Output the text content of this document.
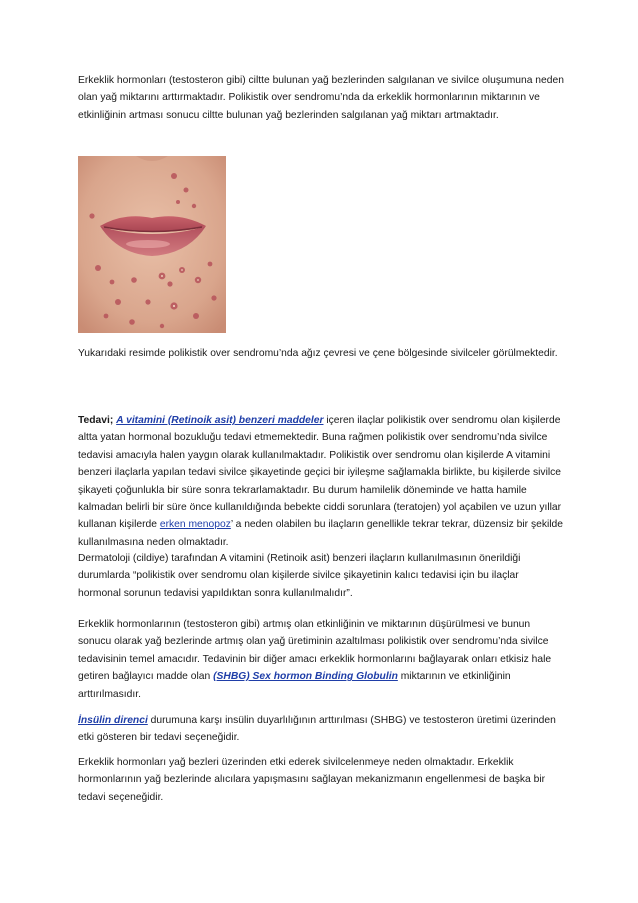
Erkeklik hormonları (testosteron gibi) ciltte bulunan yağ bezlerinden salgılanan ve sivilce oluşumuna neden olan yağ miktarını arttırmaktadır. Polikistik over sendromu’nda da erkeklik hormonlarının miktarının ve etkinliğinin artması sonucu ciltte bulunan yağ bezlerinden salgılanan yağ miktarı artmaktadır.

Yukarıdaki resimde polikistik over sendromu’nda ağız çevresi ve çene bölgesinde sivilceler görülmektedir.

Tedavi; A vitamini (Retinoik asit) benzeri maddeler içeren ilaçlar polikistik over sendromu olan kişilerde altta yatan hormonal bozukluğu tedavi etmemektedir. Buna rağmen polikistik over sendromu’nda sivilce tedavisi amacıyla halen yaygın olarak kullanılmaktadır. Polikistik over sendromu olan kişilerde A vitamini benzeri ilaçlarla yapılan tedavi sivilce şikayetinde geçici bir iyileşme sağlamakla birlikte, bu kişilerde sivilce şikayeti çoğunlukla bir süre sonra tekrarlamaktadır. Bu durum hamilelik döneminde ve hatta hamile kalmadan belirli bir süre önce kullanıldığında bebekte ciddi sorunlara (teratojen) yol açabilen ve uzun yıllar kullanan kişilerde erken menopoz’ a neden olabilen bu ilaçların genellikle tekrar tekrar, düzensiz bir şekilde kullanılmasına neden olmaktadır.

Dermatoloji (cildiye) tarafından A vitamini (Retinoik asit) benzeri ilaçların kullanılmasının önerildiği durumlarda “polikistik over sendromu olan kişilerde sivilce şikayetinin kalıcı tedavisi için bu ilaçlar hormonal sorunun tedavisi yapıldıktan sonra kullanılmalıdır”.

Erkeklik hormonlarının (testosteron gibi) artmış olan etkinliğinin ve miktarının düşürülmesi ve bunun sonucu olarak yağ bezlerinde artmış olan yağ üretiminin azaltılması polikistik over sendromu’nda sivilce tedavisinin temel amacıdır. Tedavinin bir diğer amacı erkeklik hormonlarını bağlayarak onları etkisiz hale getiren bağlayıcı madde olan (SHBG) Sex hormon Binding Globulin miktarının ve etkinliğinin arttırılmasıdır.

İnsülin direnci durumuna karşı insülin duyarlılığının arttırılması (SHBG) ve testosteron üretimi üzerinden etki gösteren bir tedavi seçeneğidir.

Erkeklik hormonları yağ bezleri üzerinden etki ederek sivilcelenmeye neden olmaktadır. Erkeklik hormonlarının yağ bezlerinde alıcılara yapışmasını sağlayan mekanizmanın engellenmesi de başka bir tedavi seçeneğidir.
